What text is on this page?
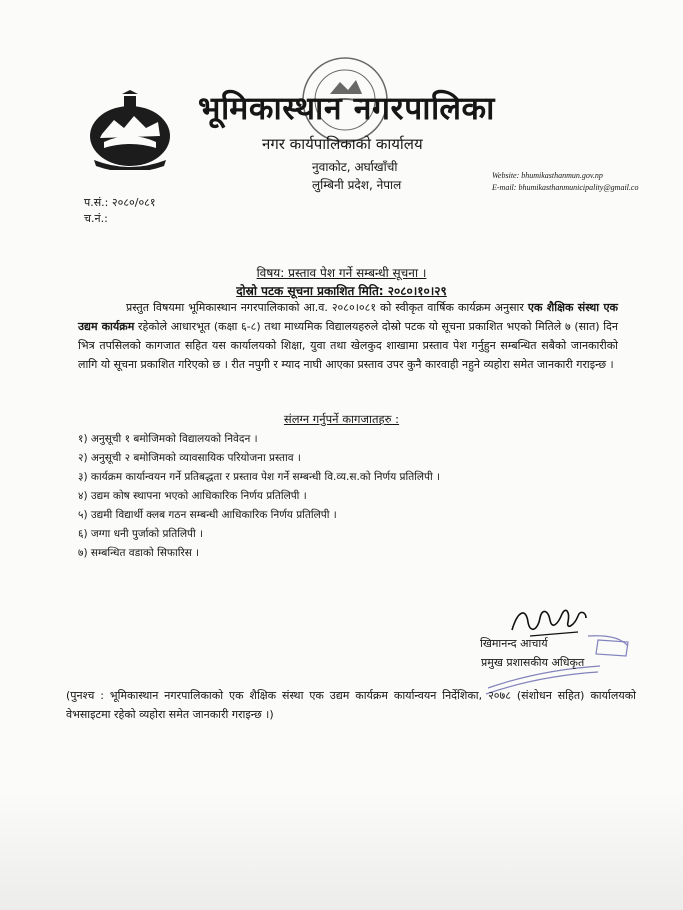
भूमिकास्थान नगरपालिका
नगर कार्यपालिकाको कार्यालय
नुवाकोट, अर्घाखाँची
लुम्बिनी प्रदेश, नेपाल
Website: bhumikasthanmun.gov.np
E-mail: bhumikasthanmunicipality@gmail.co
प.सं.: २०८०/०८१
च.नं.:
विषय: प्रस्ताव पेश गर्ने सम्बन्धी सूचना ।
दोस्रो पटक सूचना प्रकाशित मिति: २०८०।१०।२९
प्रस्तुत विषयमा भूमिकास्थान नगरपालिकाको आ.व. २०८०।०८१ को स्वीकृत वार्षिक कार्यक्रम अनुसार एक शैक्षिक संस्था एक उद्यम कार्यक्रम रहेकोले आधारभूत (कक्षा ६-८) तथा माध्यमिक विद्यालयहरुले दोस्रो पटक यो सूचना प्रकाशित भएको मितिले ७ (सात) दिन भित्र तपसिलको कागजात सहित यस कार्यालयको शिक्षा, युवा तथा खेलकुद शाखामा प्रस्ताव पेश गर्नुहुन सम्बन्धित सबैको जानकारीको लागि यो सूचना प्रकाशित गरिएको छ । रीत नपुगी र म्याद नाघी आएका प्रस्ताव उपर कुनै कारवाही नहुने व्यहोरा समेत जानकारी गराइन्छ ।
संलग्न गर्नुपर्ने कागजातहरु :
१) अनुसूची १ बमोजिमको विद्यालयको निवेदन ।
२) अनुसूची २ बमोजिमको व्यावसायिक परियोजना प्रस्ताव ।
३) कार्यक्रम कार्यान्वयन गर्ने प्रतिबद्धता र प्रस्ताव पेश गर्ने सम्बन्धी वि.व्य.स.को निर्णय प्रतिलिपी ।
४) उद्यम कोष स्थापना भएको आधिकारिक निर्णय प्रतिलिपी ।
५) उद्यमी विद्यार्थी क्लब गठन सम्बन्धी आधिकारिक निर्णय प्रतिलिपी ।
६) जग्गा धनी पुर्जाको प्रतिलिपी ।
७) सम्बन्धित वडाको सिफारिस ।
खिमानन्द आचार्य
प्रमुख प्रशासकीय अधिकृत
(पुनश्च : भूमिकास्थान नगरपालिकाको एक शैक्षिक संस्था एक उद्यम कार्यक्रम कार्यान्वयन निर्देशिका, २०७८ (संशोधन सहित) कार्यालयको वेभसाइटमा रहेको व्यहोरा समेत जानकारी गराइन्छ ।)
